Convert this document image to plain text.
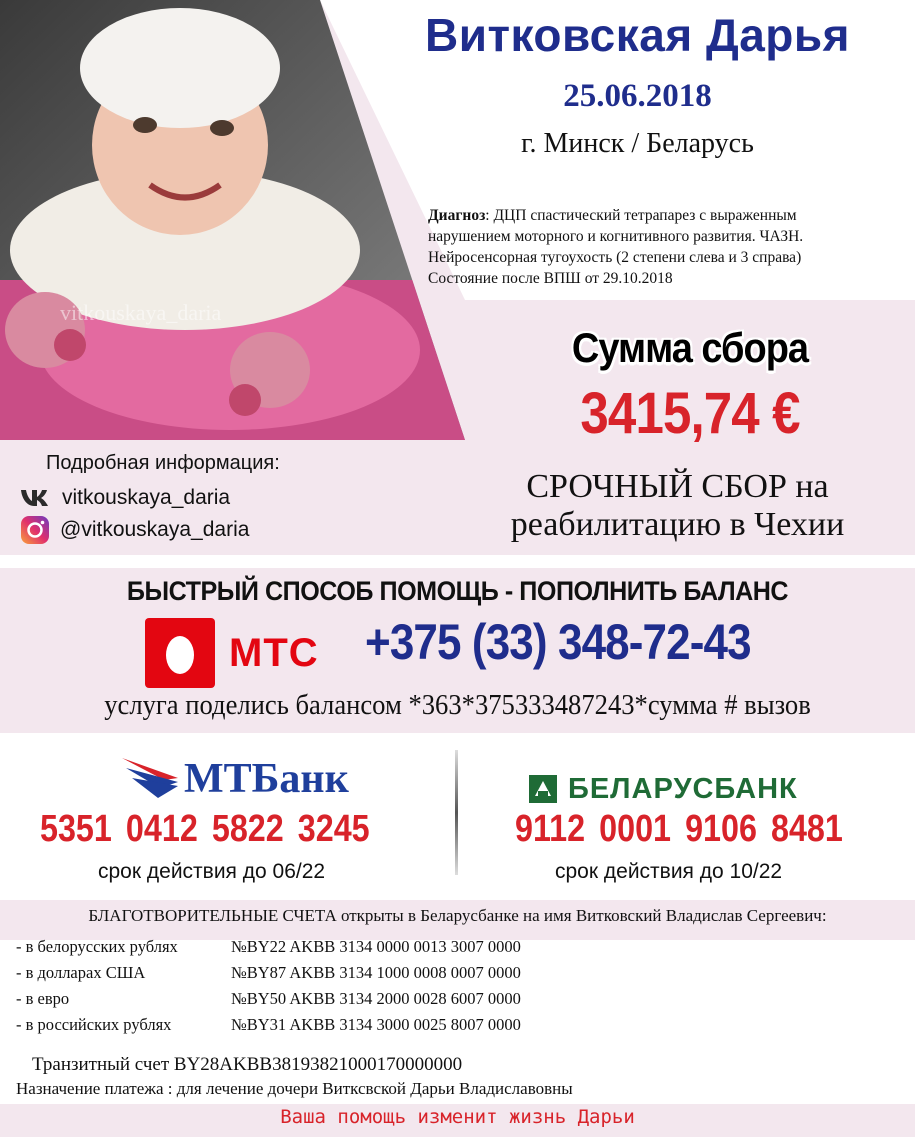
vitkouskaya_daria
Витковская Дарья
25.06.2018
г. Минск / Беларусь
Диагноз: ДЦП спастический тетрапарез с выраженным
нарушением моторного и когнитивного развития. ЧАЗН.
Нейросенсорная тугоухость (2 степени слева и 3 справа)
Состояние после ВПШ от 29.10.2018
Сумма сбора
3415,74 €
СРОЧНЫЙ СБОР на
реабилитацию в Чехии
Подробная информация:
vitkouskaya_daria
@vitkouskaya_daria
БЫСТРЫЙ СПОСОБ ПОМОЩЬ - ПОПОЛНИТЬ БАЛАНС
МТС +375 (33) 348-72-43
услуга поделись балансом *363*375333487243*сумма # вызов
МТБанк
5351 0412 5822 3245
срок действия до 06/22
БЕЛАРУСБАНК
9112 0001 9106 8481
срок действия до 10/22
БЛАГОТВОРИТЕЛЬНЫЕ СЧЕТА открыты в Беларусбанке на имя Витковский Владислав Сергеевич:
- в белорусских рублях	№BY22 AKBB 3134 0000 0013 3007 0000
- в долларах США	№BY87 AKBB 3134 1000 0008 0007 0000
- в евро	№BY50 AKBB 3134 2000 0028 6007 0000
- в российских рублях	№BY31 AKBB 3134 3000 0025 8007 0000
Транзитный счет BY28AKBB38193821000170000000
Назначение платежа : для лечение дочери Витксвской Дарьи Владиславовны
Ваша помощь изменит жизнь Дарьи
